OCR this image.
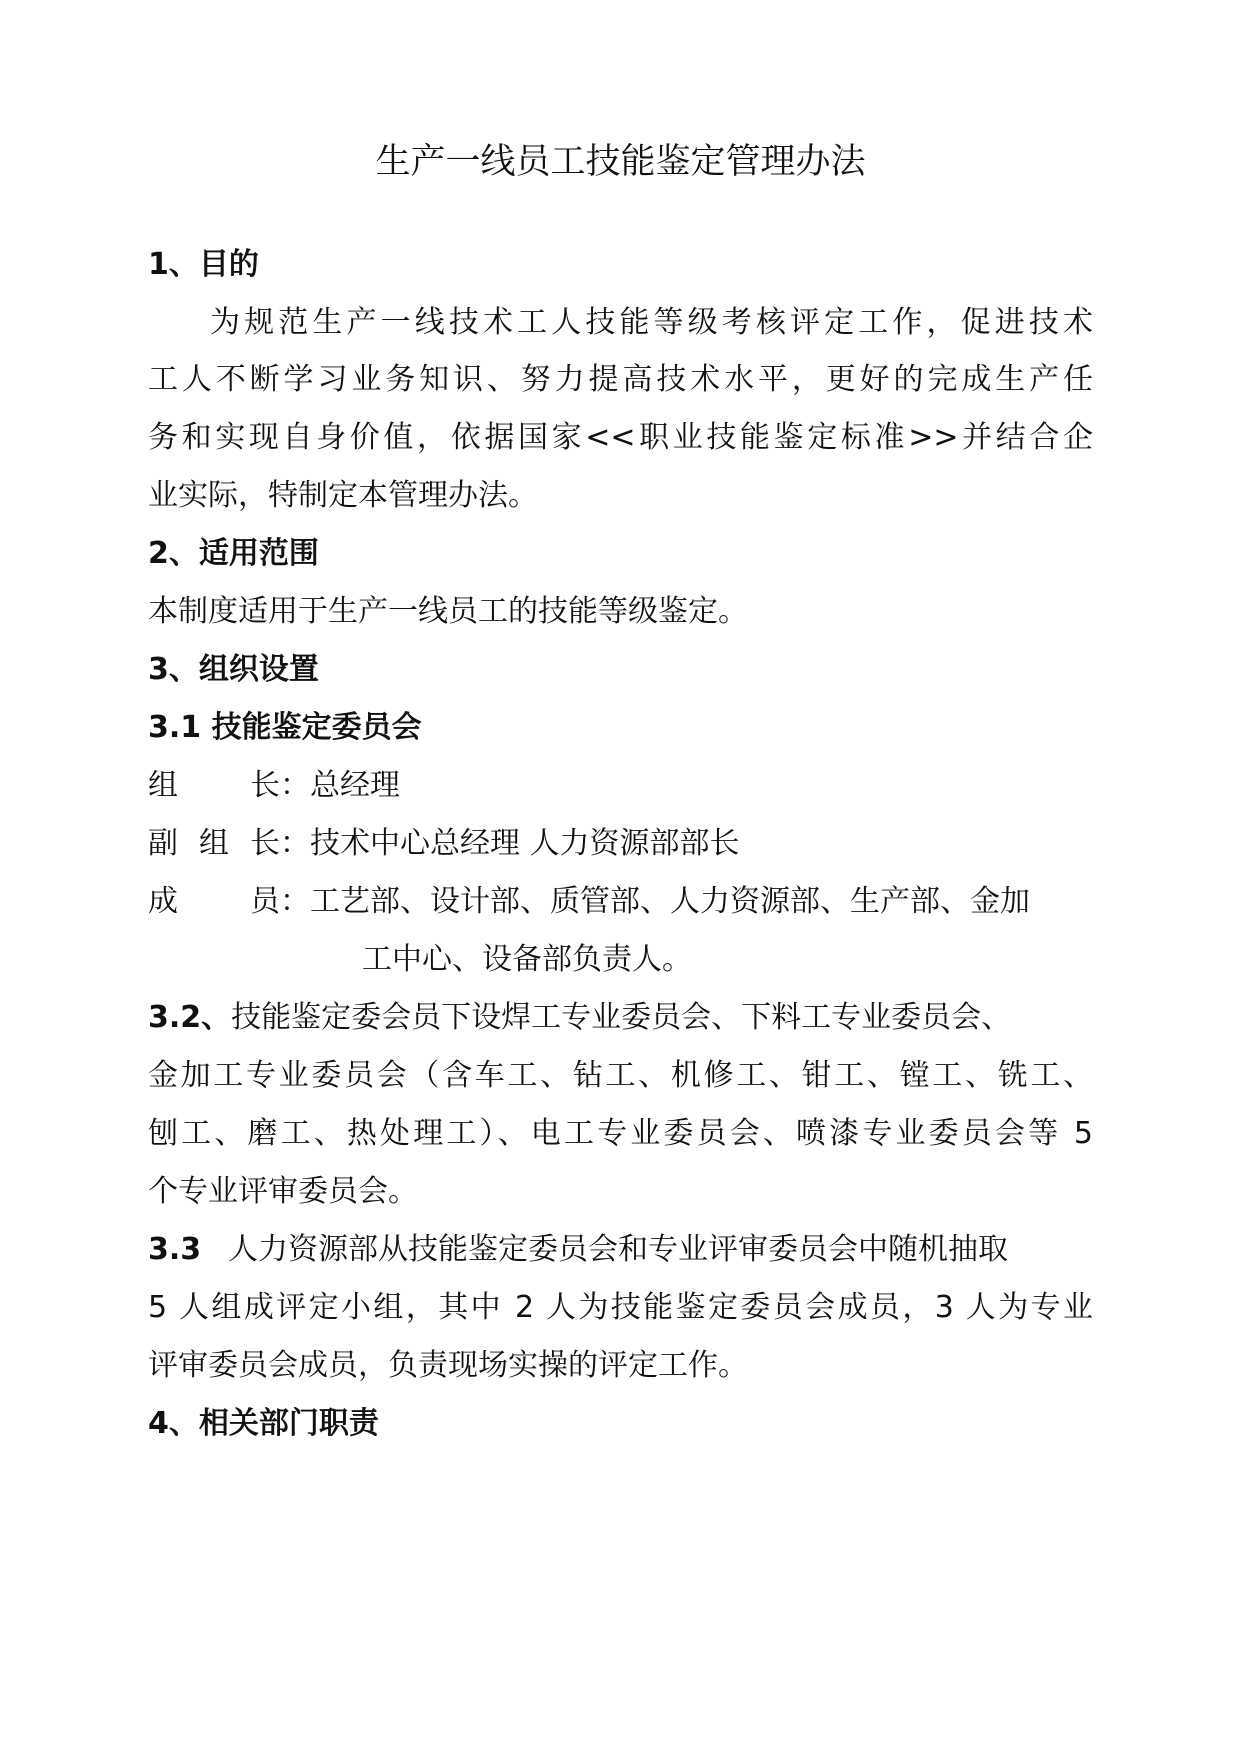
生产一线员工技能鉴定管理办法

1、目的

为规范生产一线技术工人技能等级考核评定工作，促进技术

工人不断学习业务知识、努力提高技术水平，更好的完成生产任

务和实现自身价值，依据国家<<职业技能鉴定标准>>并结合企

业实际，特制定本管理办法。

2、适用范围

本制度适用于生产一线员工的技能等级鉴定。

3、组织设置

3.1 技能鉴定委员会

组 长：总经理

副组长：技术中心总经理 人力资源部部长

成 员：工艺部、设计部、质管部、人力资源部、生产部、金加

工中心、设备部负责人。

3.2、技能鉴定委会员下设焊工专业委员会、下料工专业委员会、

金加工专业委员会（含车工、钻工、机修工、钳工、镗工、铣工、

刨工、磨工、热处理工）、电工专业委员会、喷漆专业委员会等 5

个专业评审委员会。

3.3 人力资源部从技能鉴定委员会和专业评审委员会中随机抽取

5 人组成评定小组，其中 2 人为技能鉴定委员会成员，3 人为专业

评审委员会成员，负责现场实操的评定工作。

4、相关部门职责
